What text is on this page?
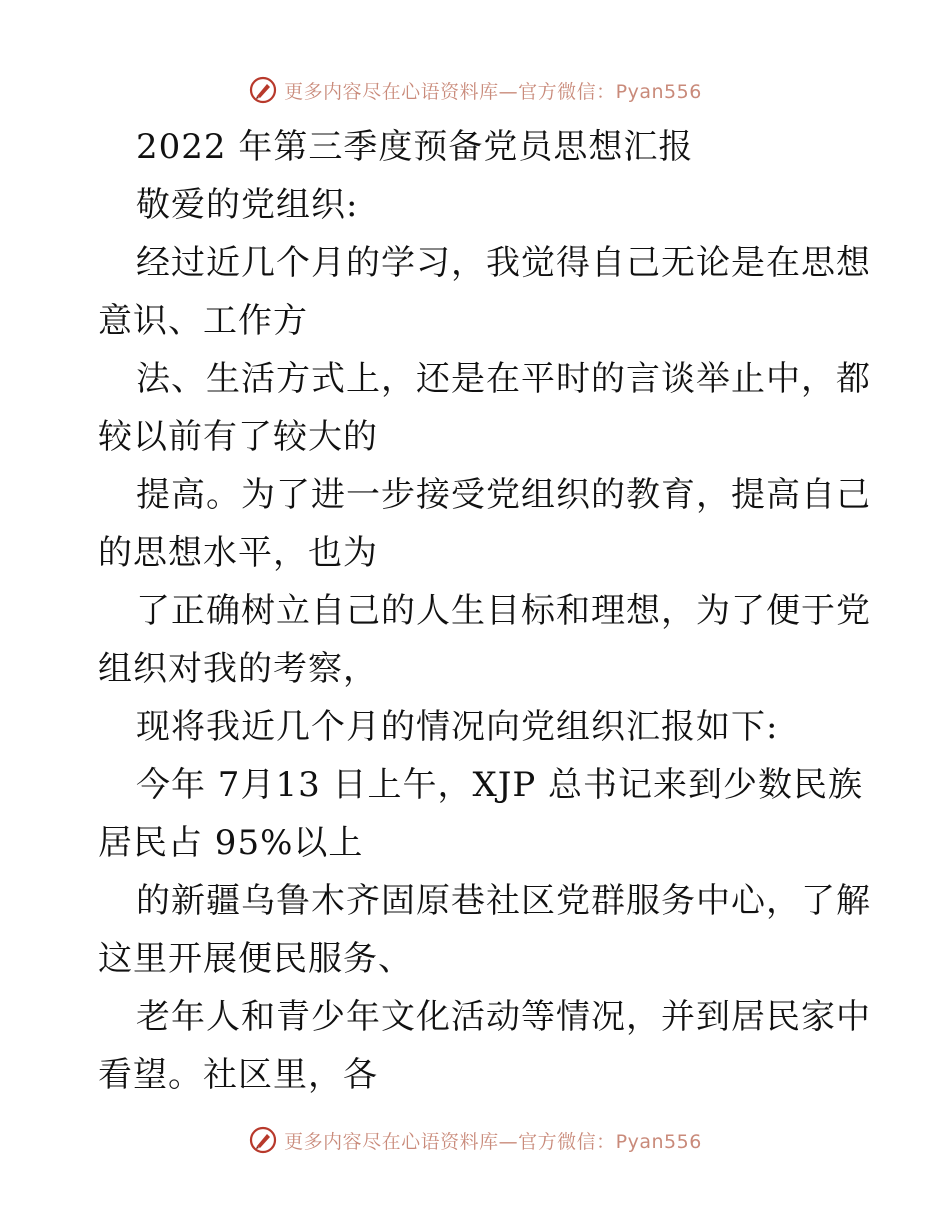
更多内容尽在心语资料库—官方微信：Pyan556
2022 年第三季度预备党员思想汇报
敬爱的党组织:
经过近几个月的学习，我觉得自己无论是在思想
意识、工作方
法、生活方式上，还是在平时的言谈举止中，都
较以前有了较大的
提高。为了进一步接受党组织的教育，提高自己
的思想水平，也为
了正确树立自己的人生目标和理想，为了便于党
组织对我的考察，
现将我近几个月的情况向党组织汇报如下:
今年 7月13 日上午，XJP 总书记来到少数民族
居民占 95%以上
的新疆乌鲁木齐固原巷社区党群服务中心，了解
这里开展便民服务、
老年人和青少年文化活动等情况，并到居民家中
看望。社区里，各
更多内容尽在心语资料库—官方微信：Pyan556
